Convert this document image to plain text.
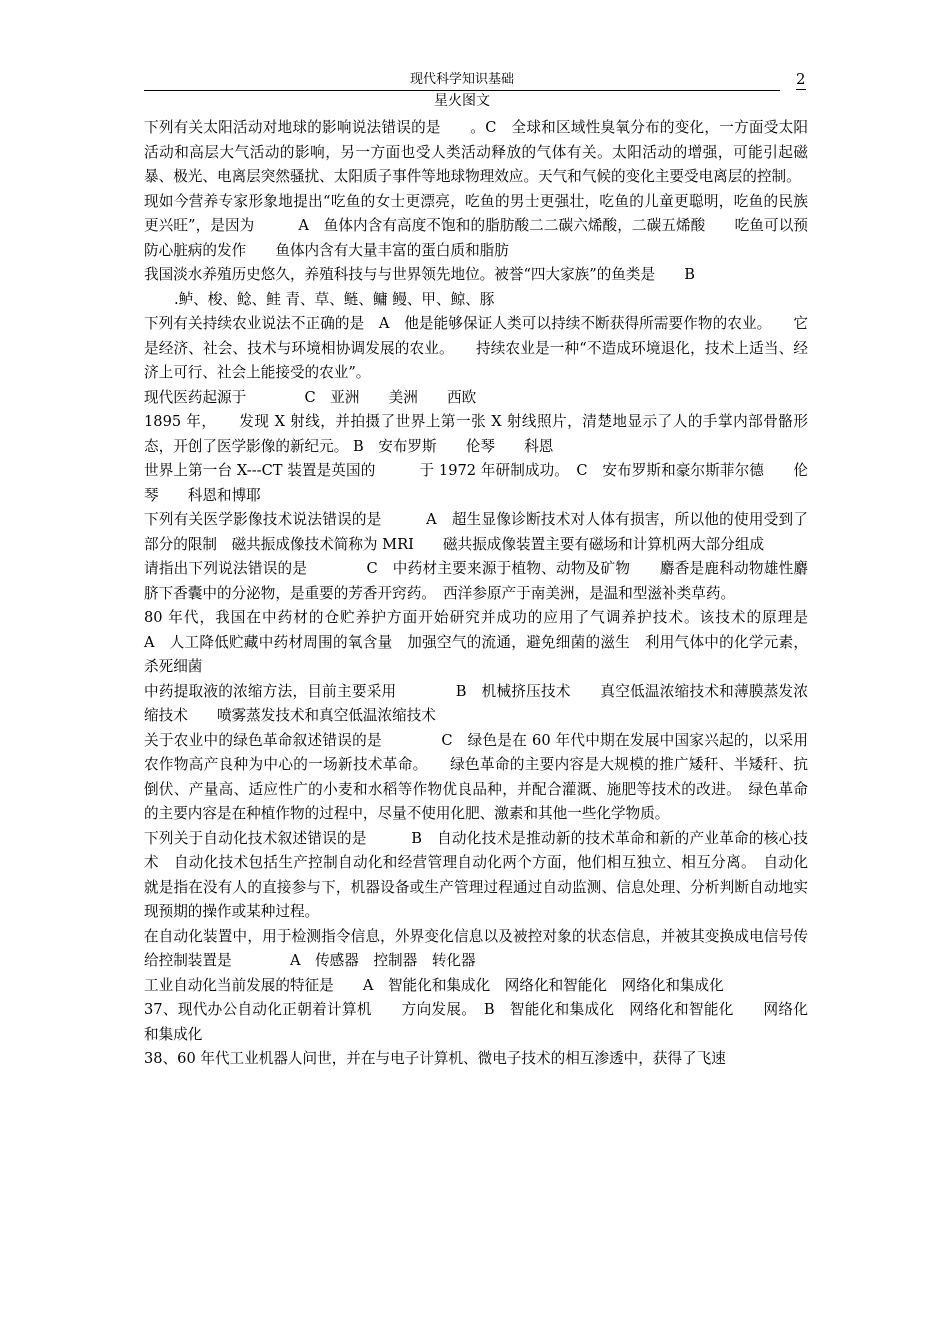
现代科学知识基础	2
星火图文

下列有关太阳活动对地球的影响说法错误的是　　。C　全球和区域性臭氧分布的变化，一方面受太阳活动和高层大气活动的影响，另一方面也受人类活动释放的气体有关。太阳活动的增强，可能引起磁暴、极光、电离层突然骚扰、太阳质子事件等地球物理效应。天气和气候的变化主要受电离层的控制。

现如今营养专家形象地提出“吃鱼的女士更漂亮，吃鱼的男士更强壮，吃鱼的儿童更聪明，吃鱼的民族更兴旺”，是因为　　　A　鱼体内含有高度不饱和的脂肪酸二二碳六烯酸，二碳五烯酸　　吃鱼可以预防心脏病的发作　　鱼体内含有大量丰富的蛋白质和脂肪

我国淡水养殖历史悠久，养殖科技与与世界领先地位。被誉“四大家族”的鱼类是　　B

.鲈、梭、鲶、鲑 青、草、鲢、鳙 鳗、甲、鲸、豚

下列有关持续农业说法不正确的是　A　他是能够保证人类可以持续不断获得所需要作物的农业。　　它是经济、社会、技术与环境相协调发展的农业。　　持续农业是一种“不造成环境退化，技术上适当、经济上可行、社会上能接受的农业”。

现代医药起源于　　　　C　亚洲　　美洲　　西欧

1895 年，　　发现 X 射线，并拍摄了世界上第一张 X 射线照片，清楚地显示了人的手掌内部骨骼形态，开创了医学影像的新纪元。 B　安布罗斯　　伦琴　　科恩

世界上第一台 X---CT 装置是英国的　　　于 1972 年研制成功。　C　安布罗斯和豪尔斯菲尔德　　伦琴　　科恩和博耶

下列有关医学影像技术说法错误的是　　　A　超生显像诊断技术对人体有损害，所以他的使用受到了部分的限制　磁共振成像技术简称为 MRI　　磁共振成像装置主要有磁场和计算机两大部分组成

请指出下列说法错误的是　　　　C　中药材主要来源于植物、动物及矿物　　麝香是鹿科动物雄性麝脐下香囊中的分泌物，是重要的芳香开窍药。　西洋参原产于南美洲，是温和型滋补类草药。

80 年代，我国在中药材的仓贮养护方面开始研究并成功的应用了气调养护技术。该技术的原理是　　　　A　人工降低贮藏中药材周围的氧含量　加强空气的流通，避免细菌的滋生　利用气体中的化学元素，杀死细菌

中药提取液的浓缩方法，目前主要采用　　　　B　机械挤压技术　　真空低温浓缩技术和薄膜蒸发浓缩技术　　喷雾蒸发技术和真空低温浓缩技术

关于农业中的绿色革命叙述错误的是　　　　C　绿色是在 60 年代中期在发展中国家兴起的，以采用农作物高产良种为中心的一场新技术革命。　　绿色革命的主要内容是大规模的推广矮秆、半矮秆、抗倒伏、产量高、适应性广的小麦和水稻等作物优良品种，并配合灌溉、施肥等技术的改进。　绿色革命的主要内容是在种植作物的过程中，尽量不使用化肥、激素和其他一些化学物质。

下列关于自动化技术叙述错误的是　　　B　自动化技术是推动新的技术革命和新的产业革命的核心技术　自动化技术包括生产控制自动化和经营管理自动化两个方面，他们相互独立、相互分离。　自动化就是指在没有人的直接参与下，机器设备或生产管理过程通过自动监测、信息处理、分析判断自动地实现预期的操作或某种过程。

在自动化装置中，用于检测指令信息，外界变化信息以及被控对象的状态信息，并被其变换成电信号传给控制装置是　　　　A　传感器　控制器　转化器

工业自动化当前发展的特征是　　A　智能化和集成化　网络化和智能化　网络化和集成化

37、现代办公自动化正朝着计算机　　方向发展。　B　智能化和集成化　网络化和智能化　　网络化和集成化

38、60 年代工业机器人问世，并在与电子计算机、微电子技术的相互渗透中，获得了飞速
